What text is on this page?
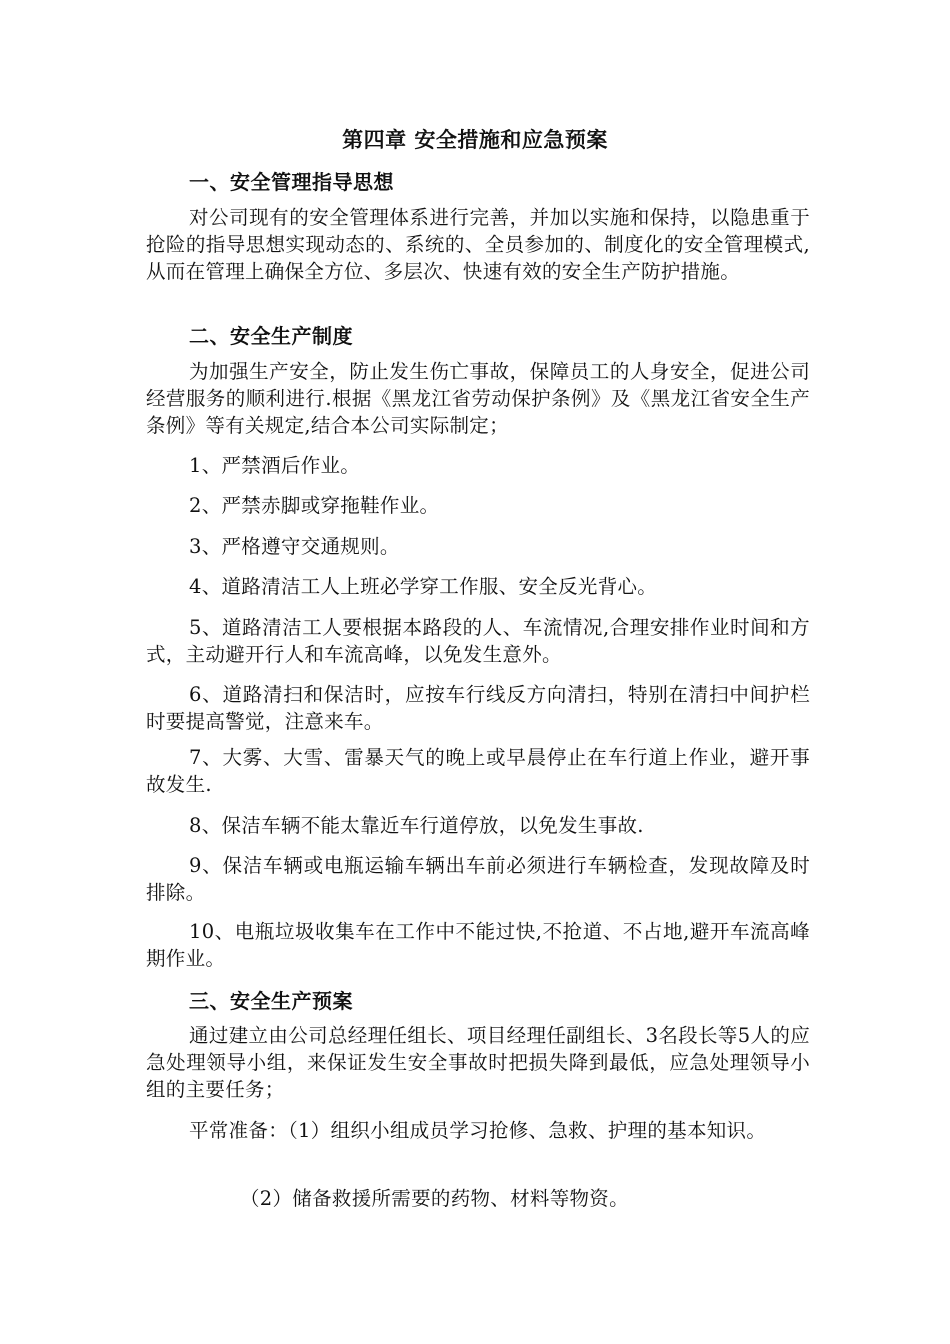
第四章 安全措施和应急预案
一、安全管理指导思想
对公司现有的安全管理体系进行完善，并加以实施和保持，以隐患重于抢险的指导思想实现动态的、系统的、全员参加的、制度化的安全管理模式,从而在管理上确保全方位、多层次、快速有效的安全生产防护措施。
二、安全生产制度
为加强生产安全，防止发生伤亡事故，保障员工的人身安全，促进公司经营服务的顺利进行.根据《黑龙江省劳动保护条例》及《黑龙江省安全生产条例》等有关规定,结合本公司实际制定；
1、严禁酒后作业。
2、严禁赤脚或穿拖鞋作业。
3、严格遵守交通规则。
4、道路清洁工人上班必学穿工作服、安全反光背心。
5、道路清洁工人要根据本路段的人、车流情况,合理安排作业时间和方式，主动避开行人和车流高峰，以免发生意外。
6、道路清扫和保洁时，应按车行线反方向清扫，特别在清扫中间护栏时要提高警觉，注意来车。
7、大雾、大雪、雷暴天气的晚上或早晨停止在车行道上作业，避开事故发生.
8、保洁车辆不能太靠近车行道停放，以免发生事故.
9、保洁车辆或电瓶运输车辆出车前必须进行车辆检查，发现故障及时排除。
10、电瓶垃圾收集车在工作中不能过快,不抢道、不占地,避开车流高峰期作业。
三、安全生产预案
通过建立由公司总经理任组长、项目经理任副组长、3名段长等5人的应急处理领导小组，来保证发生安全事故时把损失降到最低，应急处理领导小组的主要任务；
平常准备：（1）组织小组成员学习抢修、急救、护理的基本知识。
（2）储备救援所需要的药物、材料等物资。
